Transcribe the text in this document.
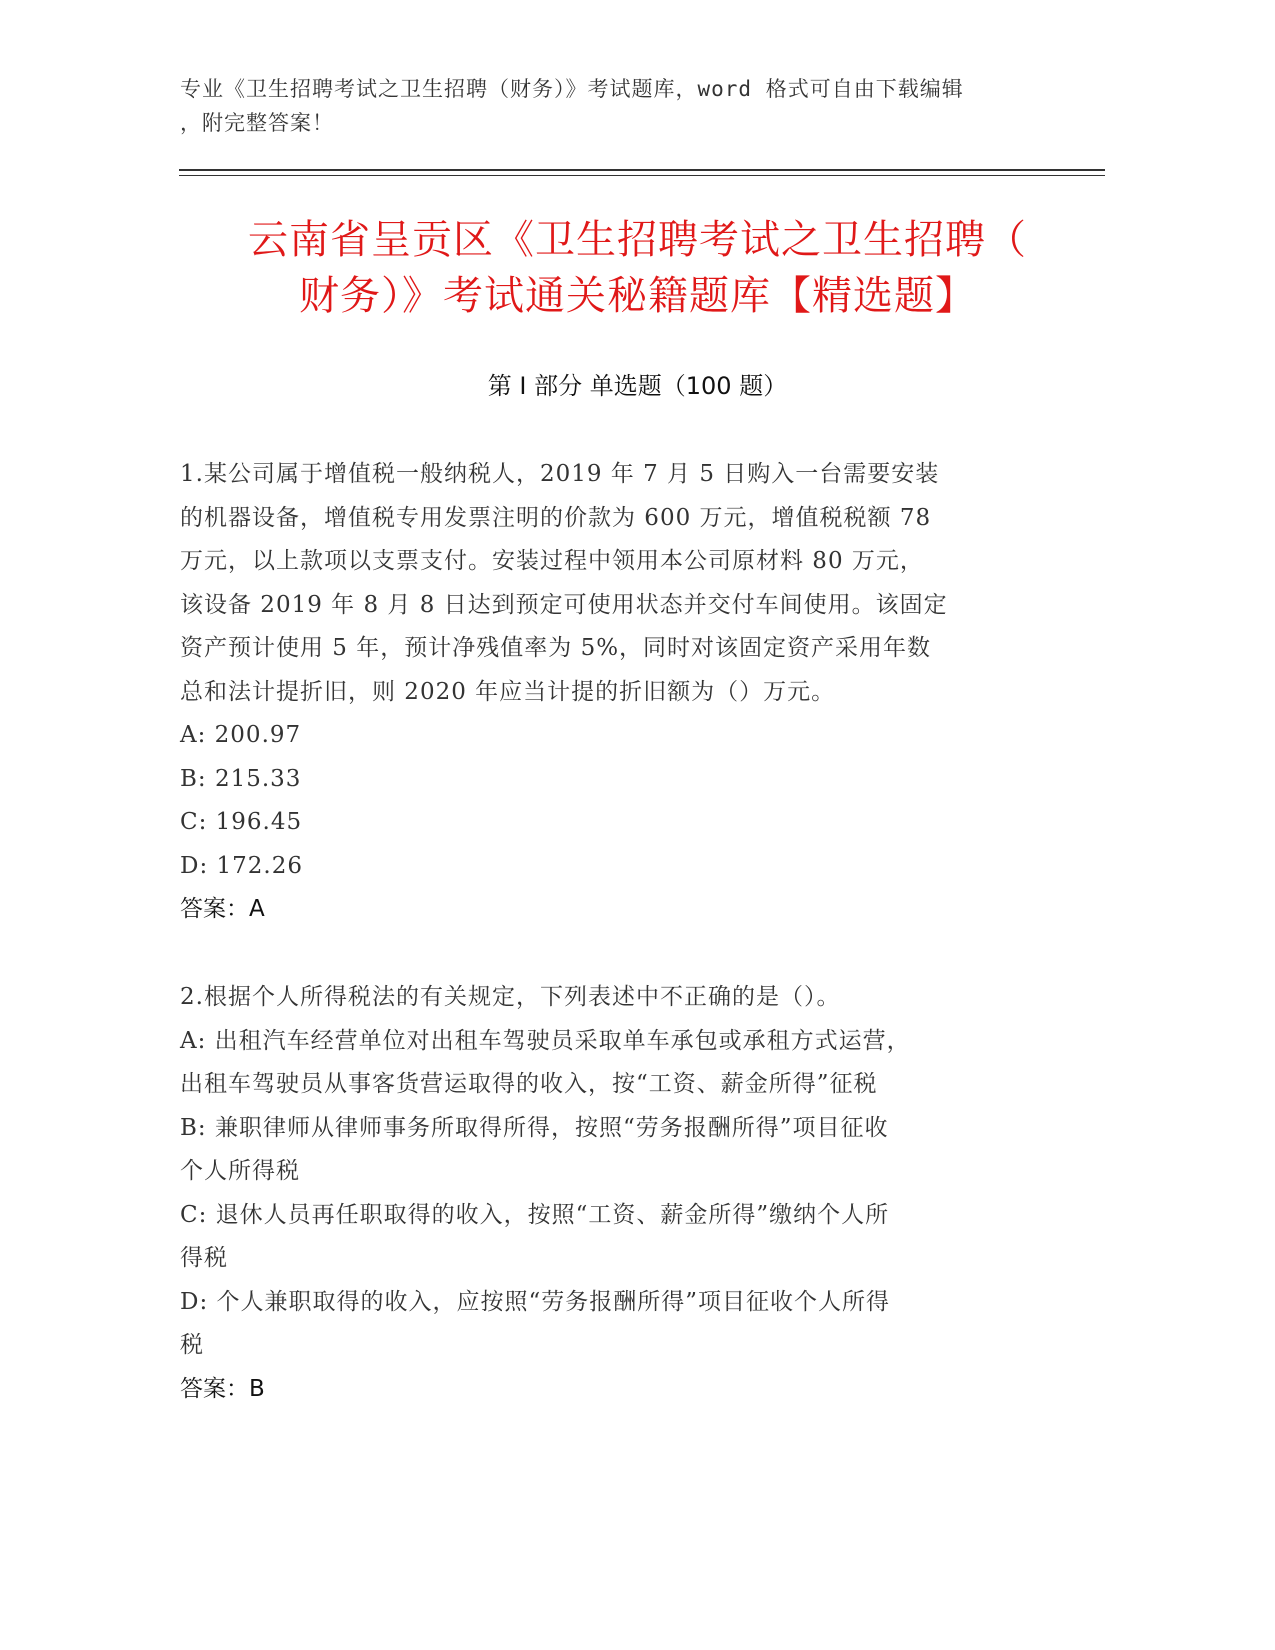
专业《卫生招聘考试之卫生招聘（财务）》考试题库，word 格式可自由下载编辑
，附完整答案！
云南省呈贡区《卫生招聘考试之卫生招聘（
财务）》考试通关秘籍题库【精选题】
第 I 部分 单选题（100 题）
1.某公司属于增值税一般纳税人，2019 年 7 月 5 日购入一台需要安装
的机器设备，增值税专用发票注明的价款为 600 万元，增值税税额 78
万元，以上款项以支票支付。安装过程中领用本公司原材料 80 万元，
该设备 2019 年 8 月 8 日达到预定可使用状态并交付车间使用。该固定
资产预计使用 5 年，预计净残值率为 5%，同时对该固定资产采用年数
总和法计提折旧，则 2020 年应当计提的折旧额为（）万元。
A: 200.97
B: 215.33
C: 196.45
D: 172.26
答案：A
2.根据个人所得税法的有关规定，下列表述中不正确的是（）。
A: 出租汽车经营单位对出租车驾驶员采取单车承包或承租方式运营，
出租车驾驶员从事客货营运取得的收入，按“工资、薪金所得”征税
B: 兼职律师从律师事务所取得所得，按照“劳务报酬所得”项目征收
个人所得税
C: 退休人员再任职取得的收入，按照“工资、薪金所得”缴纳个人所
得税
D: 个人兼职取得的收入，应按照“劳务报酬所得”项目征收个人所得
税
答案：B
